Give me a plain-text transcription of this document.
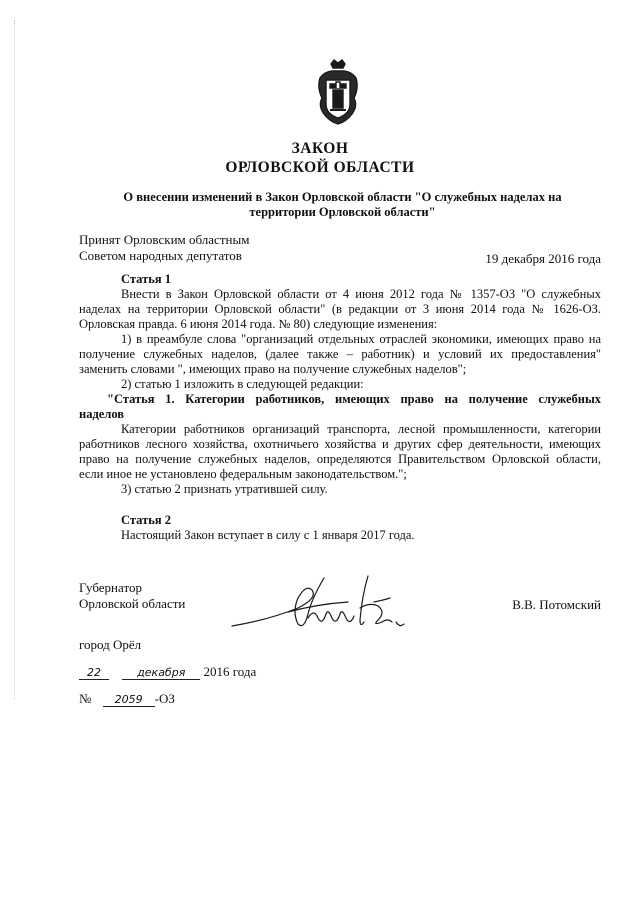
ЗАКОН
ОРЛОВСКОЙ ОБЛАСТИ
О внесении изменений в Закон Орловской области "О служебных наделах на территории Орловской области"
Принят Орловским областным
Советом народных депутатов	19 декабря 2016 года
Статья 1
Внести в Закон Орловской области от 4 июня 2012 года № 1357-ОЗ "О служебных
наделах на территории Орловской области" (в редакции от 3 июня 2014 года № 1626-ОЗ.
Орловская правда. 6 июня 2014 года. № 80) следующие изменения:
1) в преамбуле слова "организаций отдельных отраслей экономики, имеющих право на
получение служебных наделов, (далее также – работник) и условий их предоставления"
заменить словами ", имеющих право на получение служебных наделов";
2) статью 1 изложить в следующей редакции:
"Статья 1. Категории работников, имеющих право на получение служебных
наделов
Категории работников организаций транспорта, лесной промышленности, категории
работников лесного хозяйства, охотничьего хозяйства и других сфер деятельности, имеющих
право на получение служебных наделов, определяются Правительством Орловской области,
если иное не установлено федеральным законодательством.";
3) статью 2 признать утратившей силу.
Статья 2
Настоящий Закон вступает в силу с 1 января 2017 года.
Губернатор
Орловской области	В.В. Потомский
город Орёл
22	декабря 2016 года
№ 2059 -ОЗ
